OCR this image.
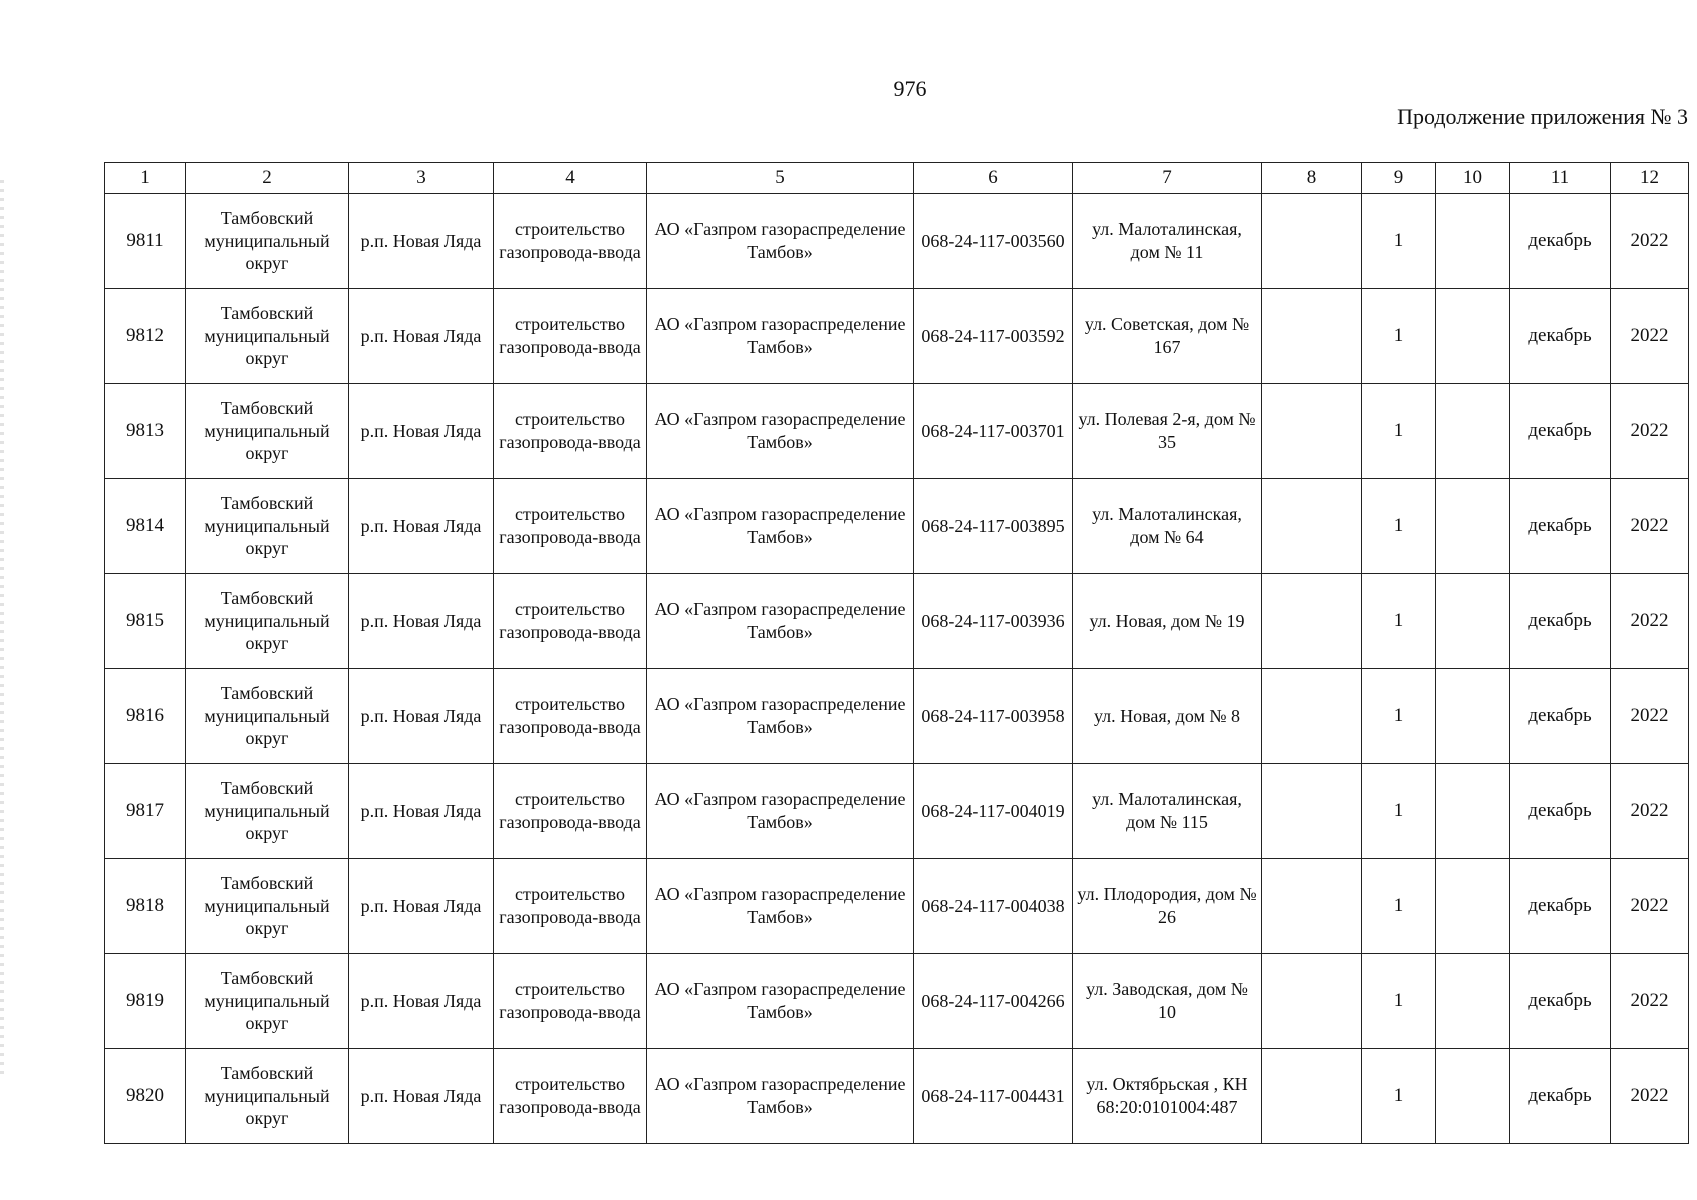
976
Продолжение приложения № 3
1	2	3	4	5	6	7	8	9	10	11	12
9811	Тамбовский муниципальный округ	р.п. Новая Ляда	строительство газопровода-ввода	АО «Газпром газораспределение Тамбов»	068-24-117-003560	ул. Малоталинская, дом № 11		1		декабрь	2022
9812	Тамбовский муниципальный округ	р.п. Новая Ляда	строительство газопровода-ввода	АО «Газпром газораспределение Тамбов»	068-24-117-003592	ул. Советская, дом № 167		1		декабрь	2022
9813	Тамбовский муниципальный округ	р.п. Новая Ляда	строительство газопровода-ввода	АО «Газпром газораспределение Тамбов»	068-24-117-003701	ул. Полевая 2-я, дом № 35		1		декабрь	2022
9814	Тамбовский муниципальный округ	р.п. Новая Ляда	строительство газопровода-ввода	АО «Газпром газораспределение Тамбов»	068-24-117-003895	ул. Малоталинская, дом № 64		1		декабрь	2022
9815	Тамбовский муниципальный округ	р.п. Новая Ляда	строительство газопровода-ввода	АО «Газпром газораспределение Тамбов»	068-24-117-003936	ул. Новая, дом № 19		1		декабрь	2022
9816	Тамбовский муниципальный округ	р.п. Новая Ляда	строительство газопровода-ввода	АО «Газпром газораспределение Тамбов»	068-24-117-003958	ул. Новая, дом № 8		1		декабрь	2022
9817	Тамбовский муниципальный округ	р.п. Новая Ляда	строительство газопровода-ввода	АО «Газпром газораспределение Тамбов»	068-24-117-004019	ул. Малоталинская, дом № 115		1		декабрь	2022
9818	Тамбовский муниципальный округ	р.п. Новая Ляда	строительство газопровода-ввода	АО «Газпром газораспределение Тамбов»	068-24-117-004038	ул. Плодородия, дом № 26		1		декабрь	2022
9819	Тамбовский муниципальный округ	р.п. Новая Ляда	строительство газопровода-ввода	АО «Газпром газораспределение Тамбов»	068-24-117-004266	ул. Заводская, дом № 10		1		декабрь	2022
9820	Тамбовский муниципальный округ	р.п. Новая Ляда	строительство газопровода-ввода	АО «Газпром газораспределение Тамбов»	068-24-117-004431	ул. Октябрьская , КН 68:20:0101004:487		1		декабрь	2022
